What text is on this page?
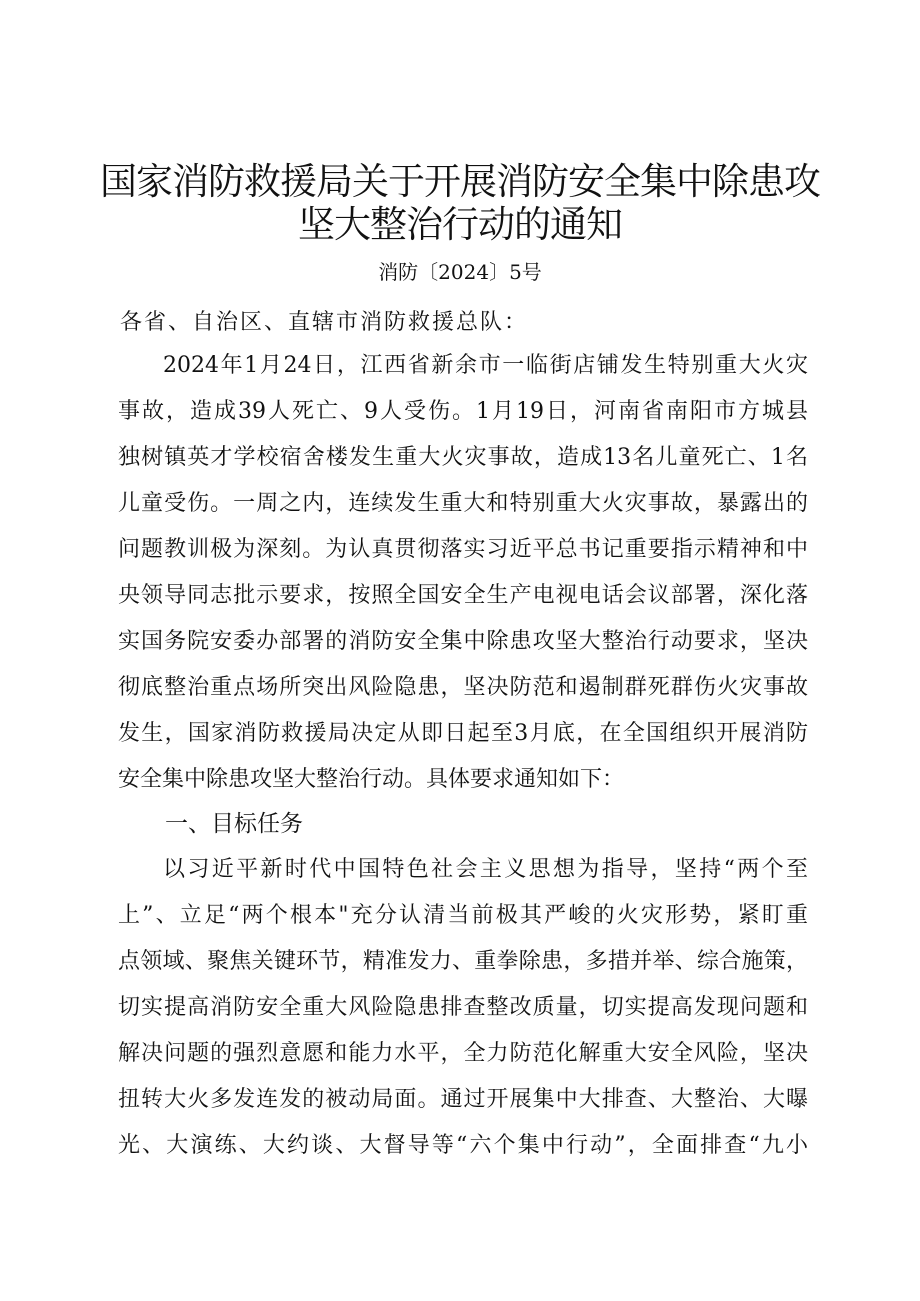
国家消防救援局关于开展消防安全集中除患攻
坚大整治行动的通知
消防〔2024〕5号
各省、自治区、直辖市消防救援总队：
2024年1月24日，江西省新余市一临街店铺发生特别重大火灾
事故，造成39人死亡、9人受伤。1月19日，河南省南阳市方城县
独树镇英才学校宿舍楼发生重大火灾事故，造成13名儿童死亡、1名
儿童受伤。一周之内，连续发生重大和特别重大火灾事故，暴露出的
问题教训极为深刻。为认真贯彻落实习近平总书记重要指示精神和中
央领导同志批示要求，按照全国安全生产电视电话会议部署，深化落
实国务院安委办部署的消防安全集中除患攻坚大整治行动要求，坚决
彻底整治重点场所突出风险隐患，坚决防范和遏制群死群伤火灾事故
发生，国家消防救援局决定从即日起至3月底，在全国组织开展消防
安全集中除患攻坚大整治行动。具体要求通知如下：
一、目标任务
以习近平新时代中国特色社会主义思想为指导，坚持“两个至
上”、立足“两个根本"充分认清当前极其严峻的火灾形势，紧盯重
点领域、聚焦关键环节，精准发力、重拳除患，多措并举、综合施策，
切实提高消防安全重大风险隐患排查整改质量，切实提高发现问题和
解决问题的强烈意愿和能力水平，全力防范化解重大安全风险，坚决
扭转大火多发连发的被动局面。通过开展集中大排查、大整治、大曝
光、大演练、大约谈、大督导等“六个集中行动”，全面排查“九小
